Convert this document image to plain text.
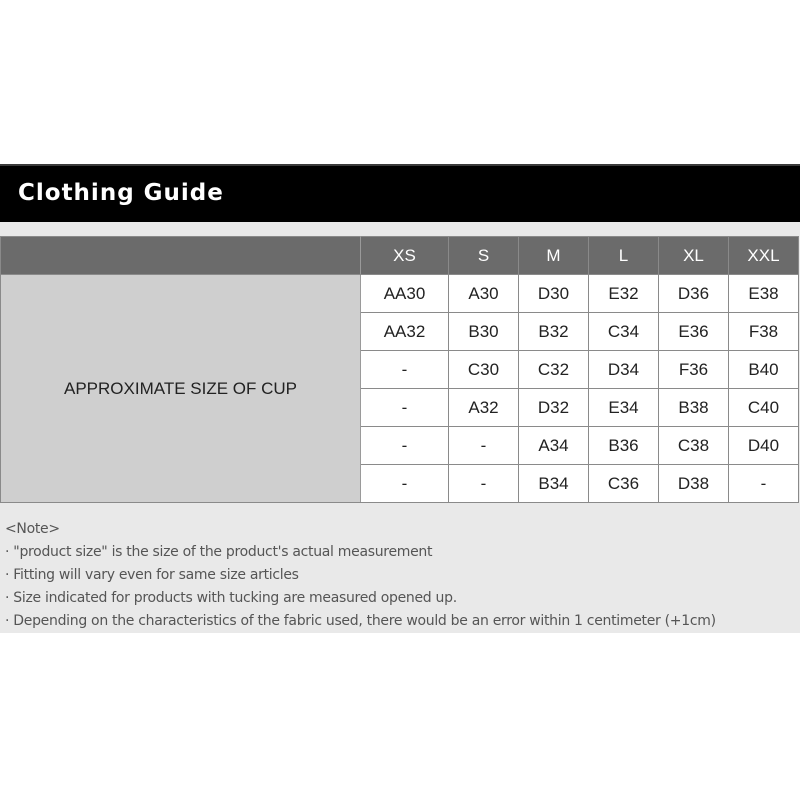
Clothing Guide
	XS	S	M	L	XL	XXL
APPROXIMATE SIZE OF CUP	AA30	A30	D30	E32	D36	E38
	AA32	B30	B32	C34	E36	F38
	-	C30	C32	D34	F36	B40
	-	A32	D32	E34	B38	C40
	-	-	A34	B36	C38	D40
	-	-	B34	C36	D38	-
<Note>
· "product size" is the size of the product's actual measurement
· Fitting will vary even for same size articles
· Size indicated for products with tucking are measured opened up.
· Depending on the characteristics of the fabric used, there would be an error within 1 centimeter (+1cm)
